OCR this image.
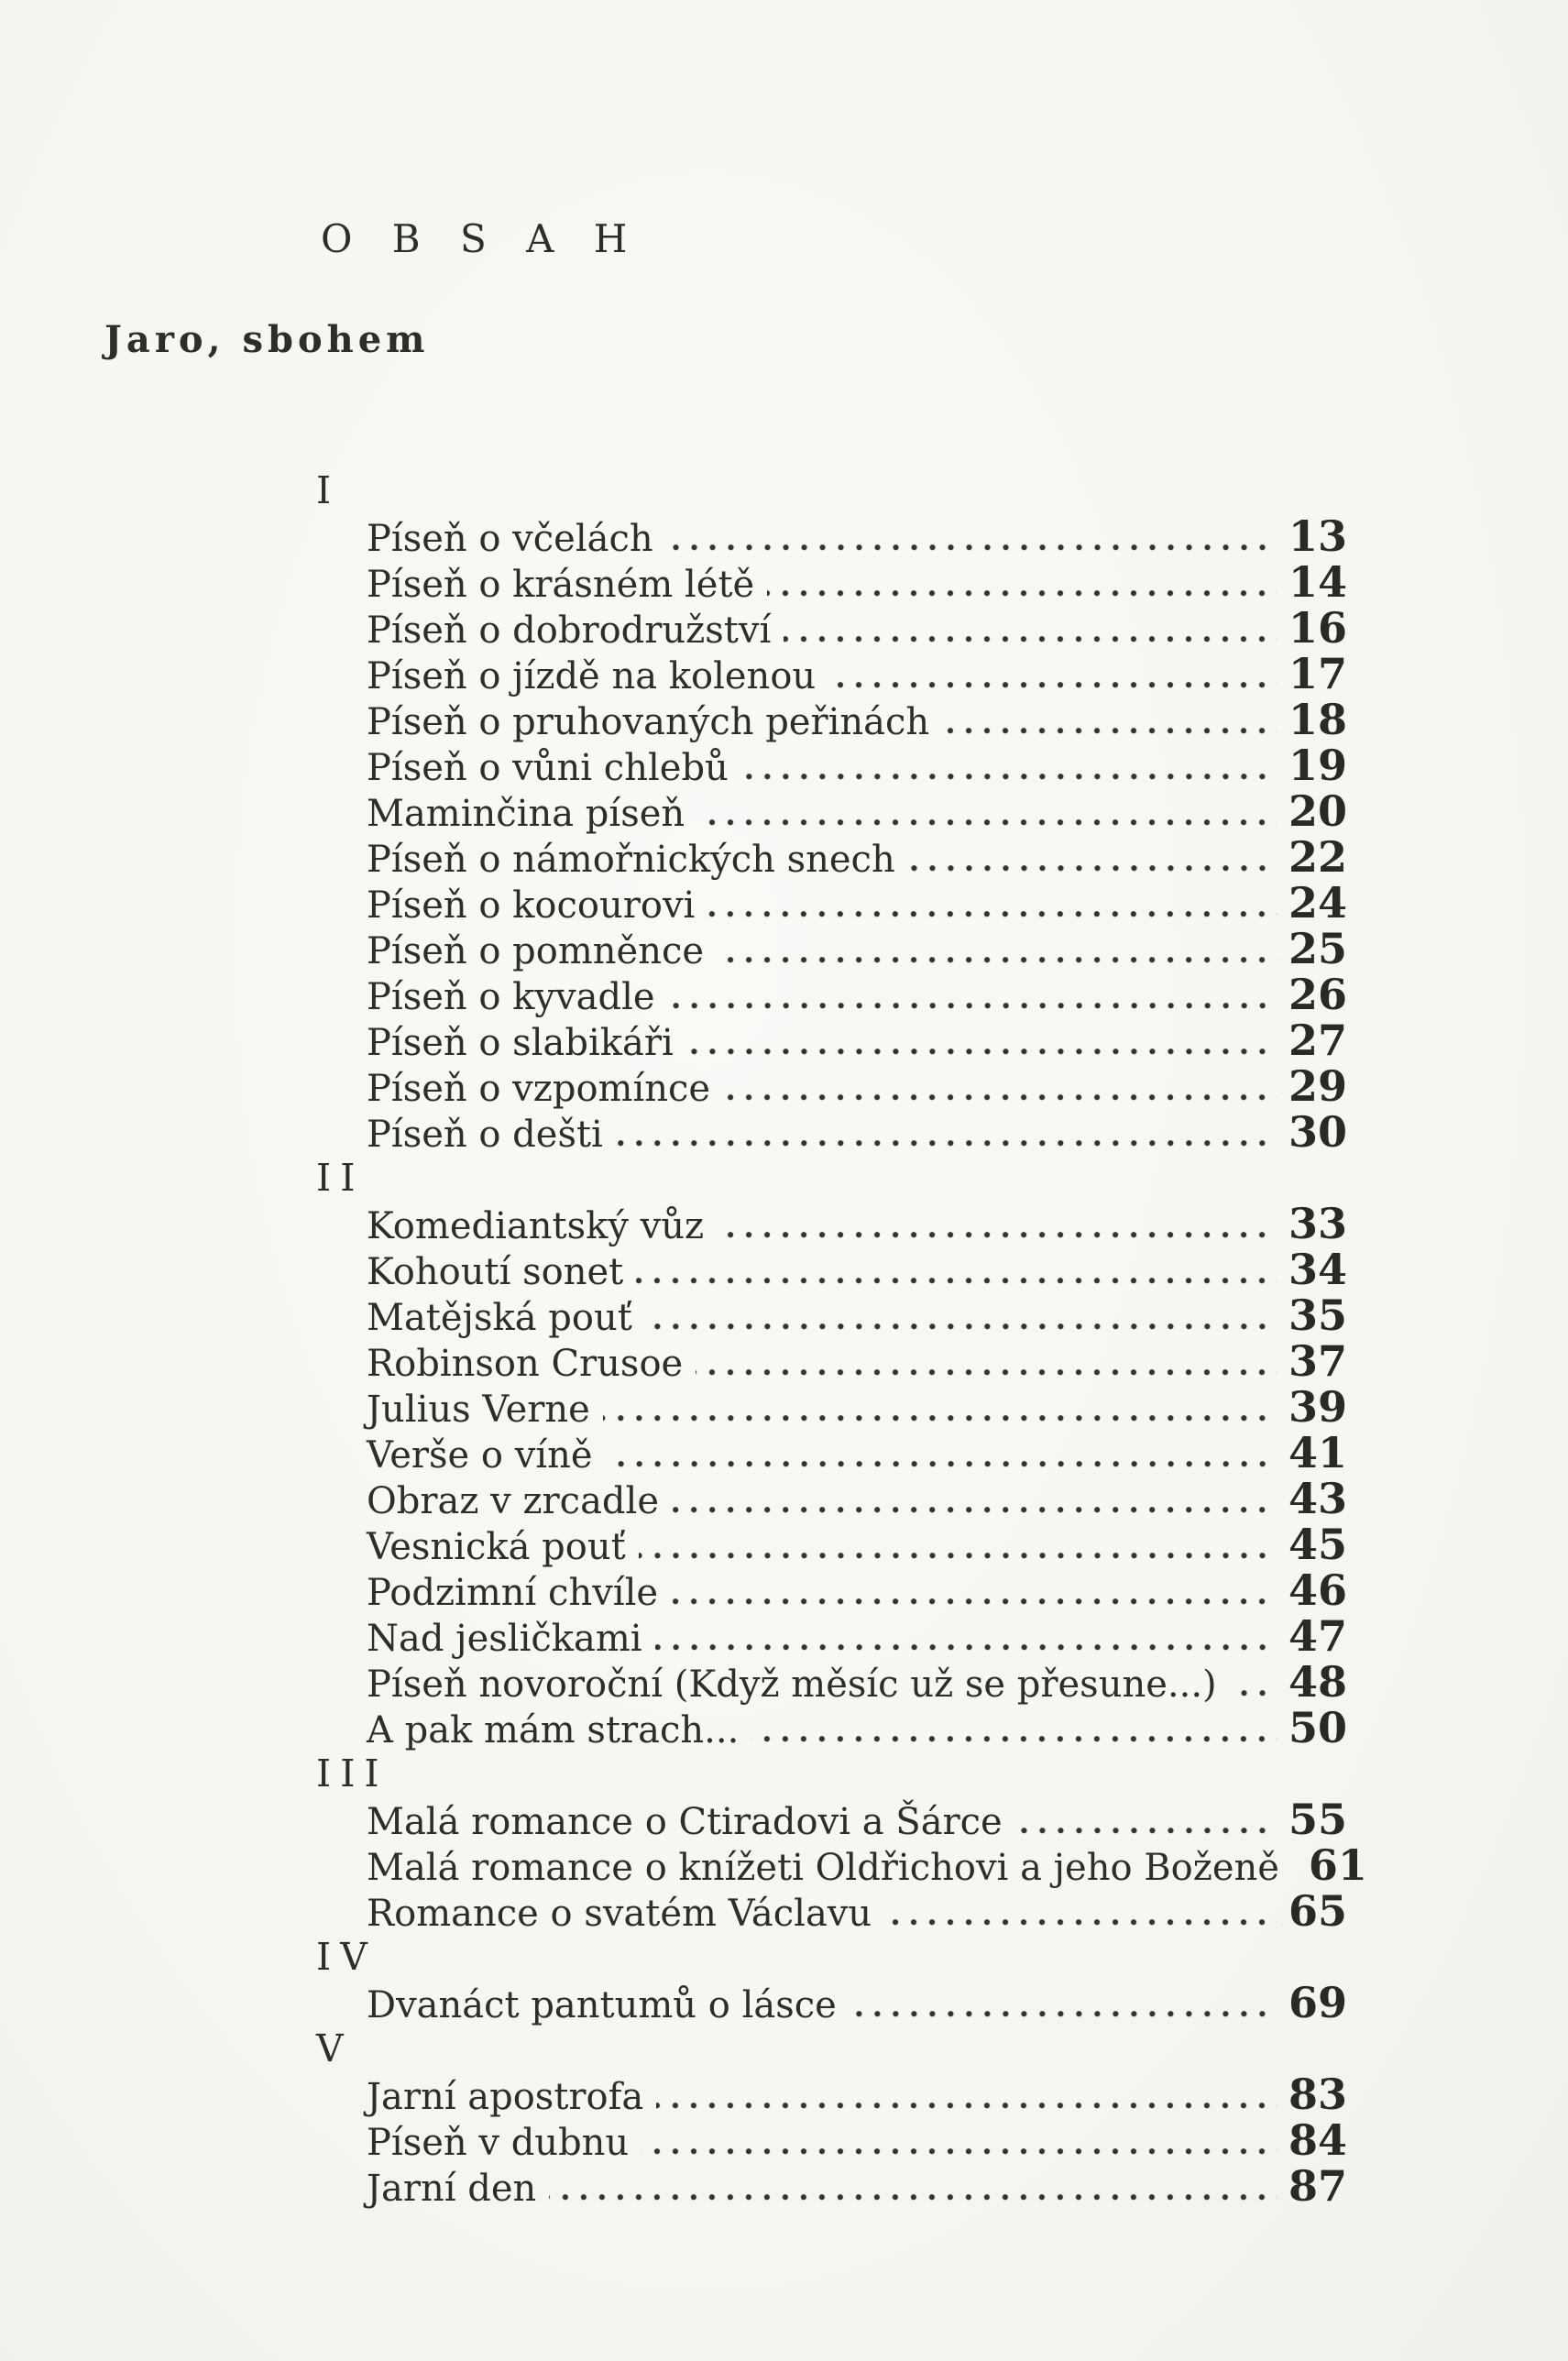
O B S A H
Jaro, sbohem
I
Píseň o včelách	13
Píseň o krásném létě	14
Píseň o dobrodružství	16
Píseň o jízdě na kolenou	17
Píseň o pruhovaných peřinách	18
Píseň o vůni chlebů	19
Maminčina píseň	20
Píseň o námořnických snech	22
Píseň o kocourovi	24
Píseň o pomněnce	25
Píseň o kyvadle	26
Píseň o slabikáři	27
Píseň o vzpomínce	29
Píseň o dešti	30
II
Komediantský vůz	33
Kohoutí sonet	34
Matějská pouť	35
Robinson Crusoe	37
Julius Verne	39
Verše o víně	41
Obraz v zrcadle	43
Vesnická pouť	45
Podzimní chvíle	46
Nad jesličkami	47
Píseň novoroční (Když měsíc už se přesune...) 48
A pak mám strach...	50
III
Malá romance o Ctiradovi a Šárce	55
Malá romance o knížeti Oldřichovi a jeho Boženě 61
Romance o svatém Václavu	65
IV
Dvanáct pantumů o lásce	69
V
Jarní apostrofa	83
Píseň v dubnu	84
Jarní den	87
